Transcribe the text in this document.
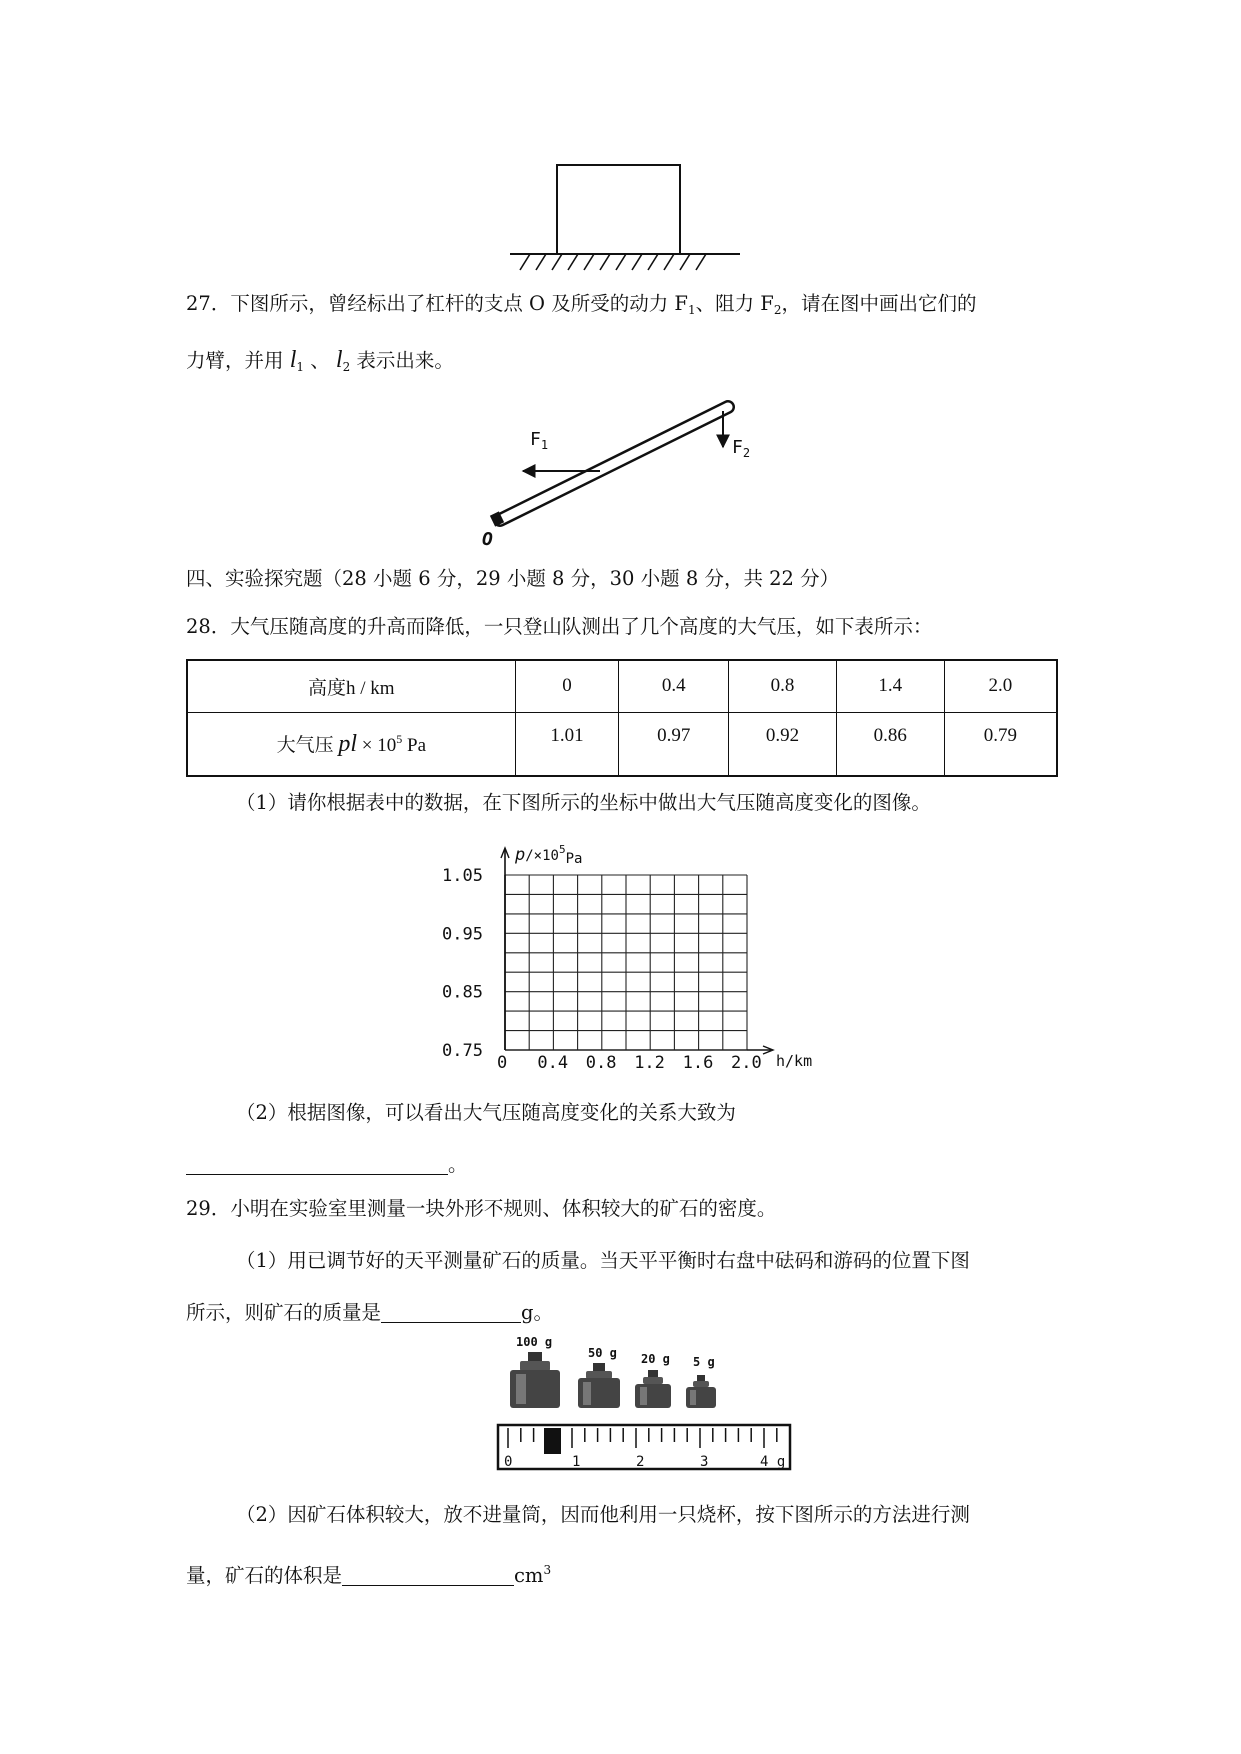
27．下图所示，曾经标出了杠杆的支点 O 及所受的动力 $F_1$、阻力 $F_2$，请在图中画出它们的
力臂，并用 $l_1$ 、 $l_2$ 表示出来。
$F_1$	$F_2$
O
四、实验探究题（28 小题 6 分，29 小题 8 分，30 小题 8 分，共 22 分）
28．大气压随高度的升高而降低，一只登山队测出了几个高度的大气压，如下表所示：
高度h / km	0	0.4	0.8	1.4	2.0
大气压 pl × $10^5$ Pa	1.01	0.97	0.92	0.86	0.79
（1）请你根据表中的数据，在下图所示的坐标中做出大气压随高度变化的图像。
0 0.4 0.8 1.2 1.6 2.0
1.05
0.95
0.85
0.75
$p/\times 10^5_{Pa}$
h/km
（2）根据图像，可以看出大气压随高度变化的关系大致为
。
29．小明在实验室里测量一块外形不规则、体积较大的矿石的密度。
（1）用已调节好的天平测量矿石的质量。当天平平衡时右盘中砝码和游码的位置下图
所示，则矿石的质量是	g。
100 g
50 g 20 g 5 g
0	1	2	3	4 g
（2）因矿石体积较大，放不进量筒，因而他利用一只烧杯，按下图所示的方法进行测
量，矿石的体积是	$cm^3$
